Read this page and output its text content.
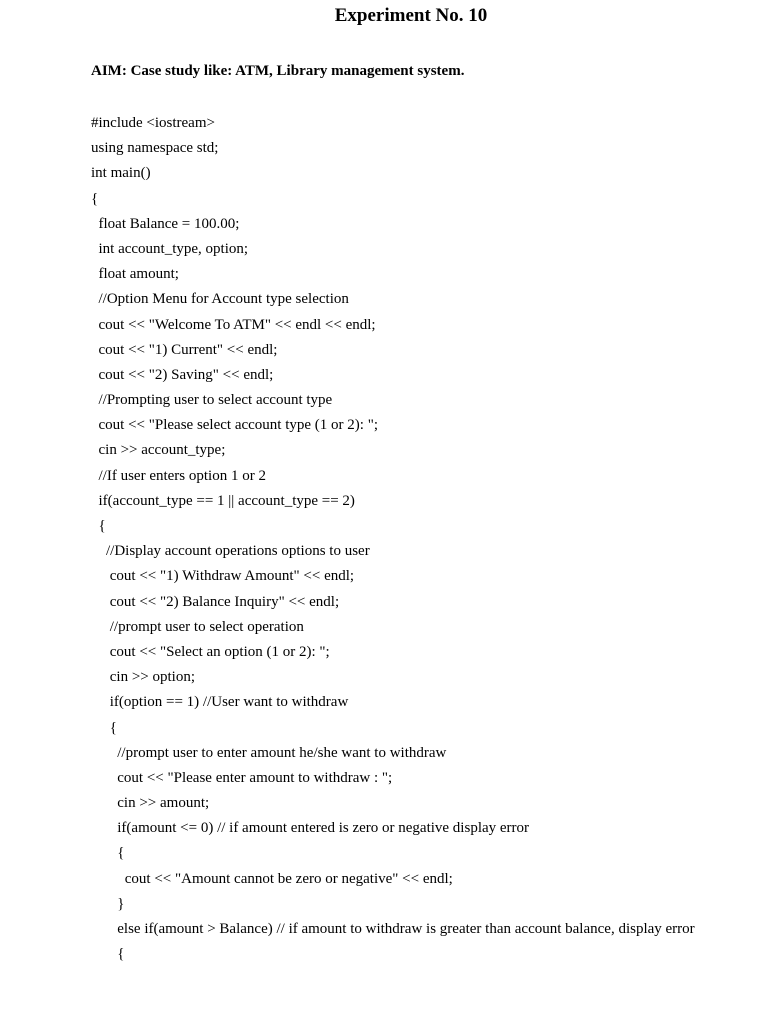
Experiment No. 10
AIM: Case study like: ATM, Library management system.
#include <iostream>
using namespace std;
int main()
{
float Balance = 100.00;
int account_type, option;
float amount;
//Option Menu for Account type selection
cout << "Welcome To ATM" << endl << endl;
cout << "1) Current" << endl;
cout << "2) Saving" << endl;
//Prompting user to select account type
cout << "Please select account type (1 or 2): ";
cin >> account_type;
//If user enters option 1 or 2
if(account_type == 1 || account_type == 2)
{
//Display account operations options to user
cout << "1) Withdraw Amount" << endl;
cout << "2) Balance Inquiry" << endl;
//prompt user to select operation
cout << "Select an option (1 or 2): ";
cin >> option;
if(option == 1) //User want to withdraw
{
//prompt user to enter amount he/she want to withdraw
cout << "Please enter amount to withdraw : ";
cin >> amount;
if(amount <= 0) // if amount entered is zero or negative display error
{
cout << "Amount cannot be zero or negative" << endl;
}
else if(amount > Balance) // if amount to withdraw is greater than account balance, display error
{
